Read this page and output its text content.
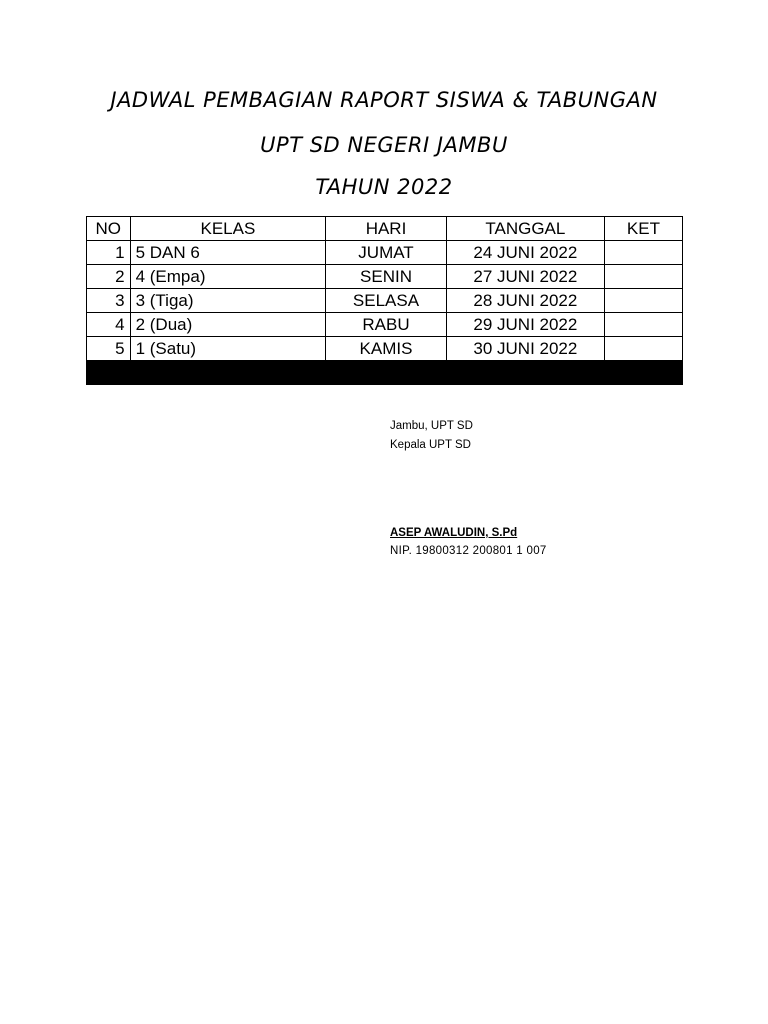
JADWAL PEMBAGIAN RAPORT SISWA & TABUNGAN
UPT SD NEGERI JAMBU
TAHUN 2022
NO	KELAS	HARI	TANGGAL	KET
1	5 DAN 6	JUMAT	24 JUNI 2022	
2	4 (Empa)	SENIN	27 JUNI 2022	
3	3 (Tiga)	SELASA	28 JUNI 2022	
4	2 (Dua)	RABU	29 JUNI 2022	
5	1 (Satu)	KAMIS	30 JUNI 2022	

Jambu, UPT SD
Kepala UPT SD
ASEP AWALUDIN, S.Pd
NIP. 19800312 200801 1 007
